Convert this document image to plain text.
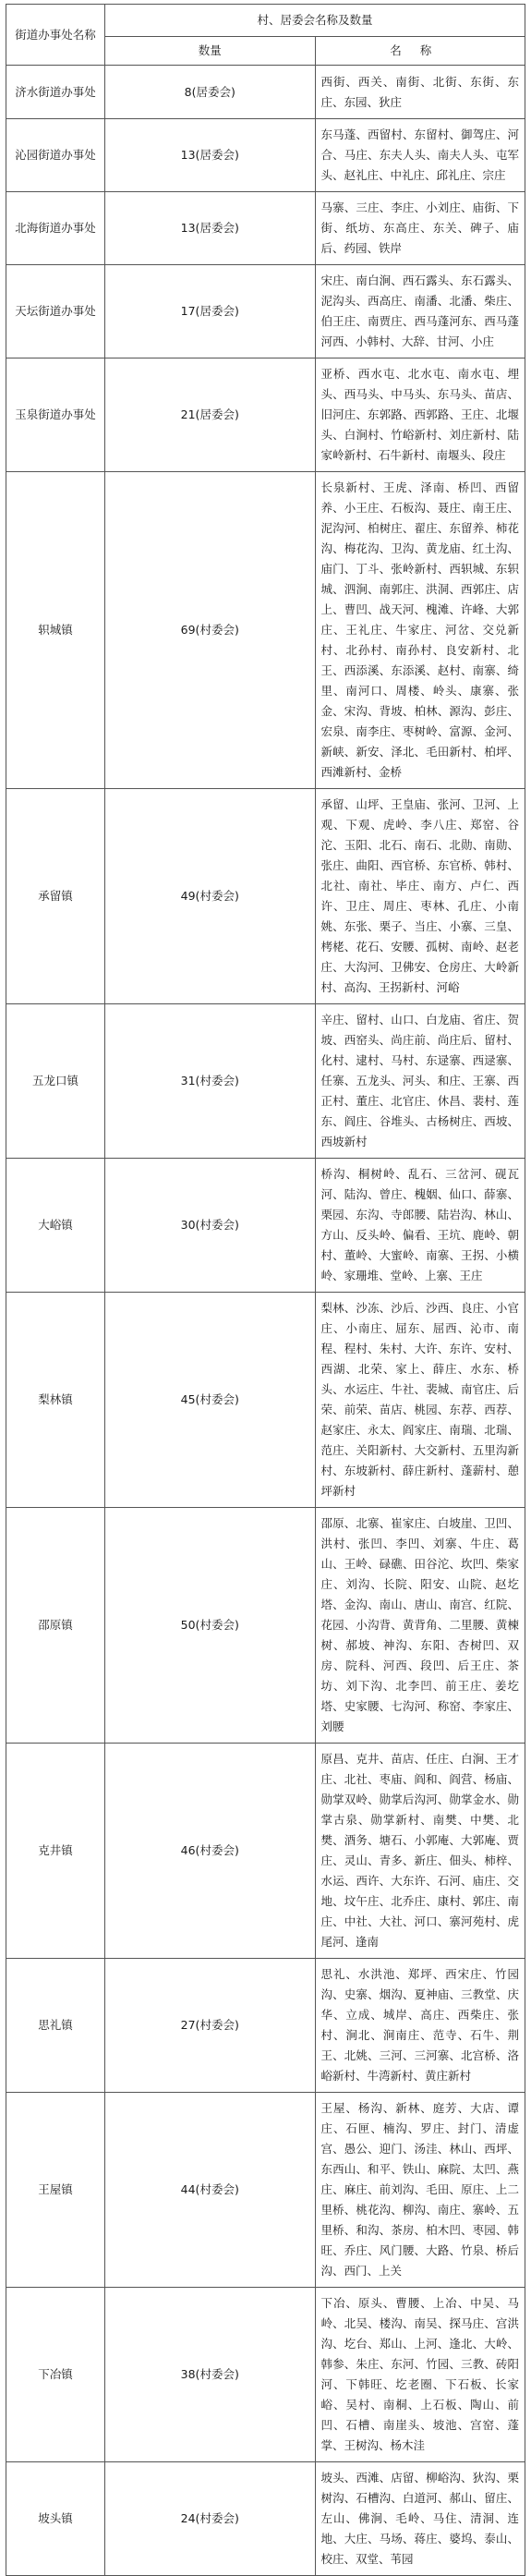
街道办事处名称	村、居委会名称及数量	
	数量	名称
济水街道办事处	8(居委会)	西街、西关、南街、北街、东街、东庄、东园、狄庄
沁园街道办事处	13(居委会)	东马蓬、西留村、东留村、御驾庄、河合、马庄、东夫人头、南夫人头、屯军头、赵礼庄、中礼庄、邱礼庄、宗庄
北海街道办事处	13(居委会)	马寨、三庄、李庄、小刘庄、庙街、下街、纸坊、东高庄、东关、碑子、庙后、药园、铁岸
天坛街道办事处	17(居委会)	宋庄、南白涧、西石露头、东石露头、泥沟头、西高庄、南潘、北潘、柴庄、伯王庄、南贾庄、西马蓬河东、西马蓬河西、小韩村、大辞、甘河、小庄
玉泉街道办事处	21(居委会)	亚桥、西水屯、北水屯、南水屯、埋头、西马头、中马头、东马头、苗店、旧河庄、东郭路、西郭路、王庄、北堰头、白涧村、竹峪新村、刘庄新村、陆家岭新村、石牛新村、南堰头、段庄
轵城镇	69(村委会)	长泉新村、王虎、泽南、桥凹、西留养、小王庄、石板沟、聂庄、南王庄、泥沟河、柏树庄、翟庄、东留养、柿花沟、梅花沟、卫沟、黄龙庙、红土沟、庙门、丁斗、张岭新村、西轵城、东轵城、泗涧、南郭庄、洪洞、西郭庄、店上、曹凹、战天河、槐滩、许峰、大郭庄、王礼庄、牛家庄、河岔、交兑新村、北孙村、南孙村、良安新村、北王、西添溪、东添溪、赵村、南寨、绮里、南河口、周楼、岭头、康寨、张金、宋沟、背坡、柏林、源沟、彭庄、宏泉、南李庄、枣树岭、富源、金河、新峡、新安、泽北、毛田新村、柏坪、西滩新村、金桥
承留镇	49(村委会)	承留、山坪、王皇庙、张河、卫河、上观、下观、虎岭、李八庄、郑窑、谷沱、玉阳、北石、南石、北勋、南勋、张庄、曲阳、西官桥、东官桥、韩村、北社、南社、毕庄、南方、卢仁、西许、卫庄、周庄、枣林、孔庄、小南姚、东张、栗子、当庄、小寨、三皇、栲栳、花石、安腰、孤树、南岭、赵老庄、大沟河、卫佛安、仓房庄、大岭新村、高沟、王拐新村、河峪
五龙口镇	31(村委会)	辛庄、留村、山口、白龙庙、省庄、贺坡、西窑头、尚庄前、尚庄后、留村、化村、逮村、马村、东逯寨、西逯寨、任寨、五龙头、河头、和庄、王寨、西正村、董庄、北官庄、休昌、裴村、莲东、阎庄、谷堆头、古杨树庄、西坡、西坡新村
大峪镇	30(村委会)	桥沟、桐树岭、乱石、三岔河、砚瓦河、陆沟、曾庄、槐姻、仙口、薛寨、栗园、东沟、寺郎腰、陆岩沟、林山、方山、反头岭、偏看、王坑、鹿岭、朝村、董岭、大蜜岭、南寨、王拐、小横岭、家珊堆、堂岭、上寨、王庄
梨林镇	45(村委会)	梨林、沙冻、沙后、沙西、良庄、小官庄、小南庄、屈东、屈西、沁市、南程、程村、朱村、大许、东许、安村、西湖、北荣、家上、薛庄、水东、桥头、水运庄、牛社、裴城、南官庄、后荣、前荣、苗店、桃园、东荐、西荐、赵家庄、永太、阎家庄、南瑞、北瑞、范庄、关阳新村、大交新村、五里沟新村、东坡新村、薛庄新村、蓬薪村、憩坪新村
邵原镇	50(村委会)	邵原、北寨、崔家庄、白坡崖、卫凹、洪村、张凹、李凹、刘寨、牛庄、葛山、王岭、碌礁、田谷沱、坎凹、柴家庄、刘沟、长院、阳安、山院、赵圪塔、金沟、南山、唐山、南宫、红院、花园、小沟背、黄背角、二里腰、黄楝树、郝坡、神沟、东阳、杏树凹、双房、院科、河西、段凹、后王庄、茶坊、刘下沟、北李凹、前王庄、姜圪塔、史家腰、七沟河、称窑、李家庄、刘腰
克井镇	46(村委会)	原昌、克井、苗店、任庄、白涧、王才庄、北社、枣庙、阎和、阎营、杨庙、勋掌双岭、勋掌后沟河、勋掌金水、勋掌古泉、勋掌新村、南樊、中樊、北樊、酒务、塘石、小郭庵、大郭庵、贾庄、灵山、青多、新庄、佃头、柿梓、水运、西许、大东许、石河、庙庄、交地、坟午庄、北乔庄、康村、郭庄、南庄、中社、大社、河口、寨河苑村、虎尾河、逢南
思礼镇	27(村委会)	思礼、水洪池、郑坪、西宋庄、竹园沟、史寨、烟沟、夏神庙、三教堂、庆华、立成、城岸、高庄、西柴庄、张村、涧北、涧南庄、范寺、石牛、荆王、北姚、三河、三河寨、北宫桥、洛峪新村、牛湾新村、黄庄新村
王屋镇	44(村委会)	王屋、杨沟、新林、庭芳、大店、谭庄、石匣、楠沟、罗庄、封门、清虚宫、愚公、迎门、汤洼、林山、西坪、东西山、和平、铁山、麻院、太凹、燕庄、麻庄、前刘沟、毛田、原庄、上二里桥、桃花沟、柳沟、南庄、寨岭、五里桥、和沟、茶房、柏木凹、枣园、韩旺、乔庄、风门腰、大路、竹泉、桥后沟、西门、上关
下冶镇	38(村委会)	下冶、原头、曹腰、上冶、中吴、马岭、北吴、楼沟、南吴、探马庄、宫洪沟、圪台、郑山、上河、逢北、大岭、韩参、朱庄、东河、竹园、三教、砖阳河、下韩旺、圪老圈、下石板、长家峪、吴村、南桐、上石板、陶山、前凹、石槽、南崖头、坡池、宫窑、蓬掌、王树沟、杨木洼
坡头镇	24(村委会)	坡头、西滩、店留、柳峪沟、狄沟、栗树沟、石槽沟、白道河、郝山、留庄、左山、佛涧、毛岭、马住、清洞、连地、大庄、马场、蒋庄、婆坞、泰山、校庄、双堂、苇园
